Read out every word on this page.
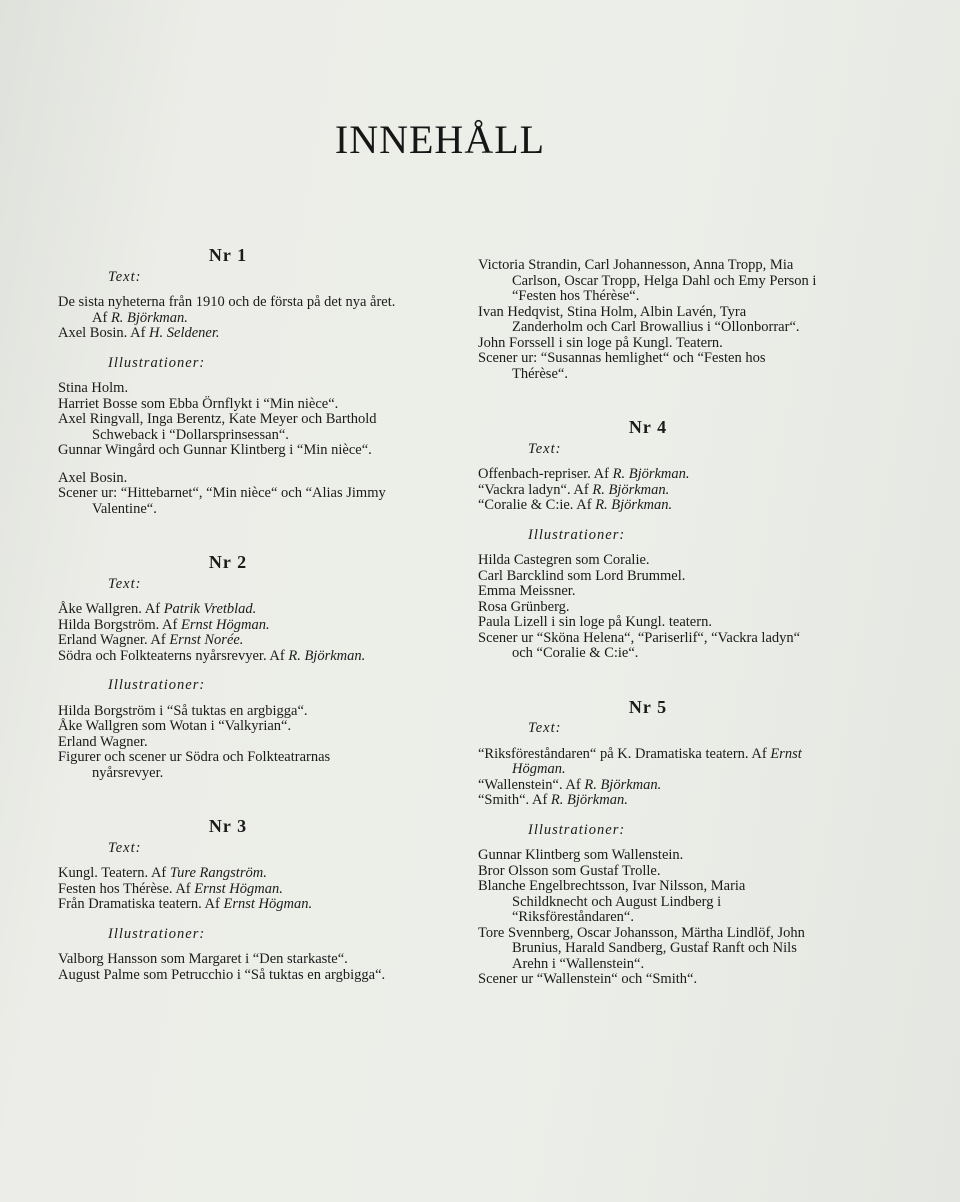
INNEHÅLL
Nr 1
Text:

De sista nyheterna från 1910 och de första på det nya året. Af R. Björkman.

Axel Bosin. Af H. Seldener.

Illustrationer:

Stina Holm.

Harriet Bosse som Ebba Örnflykt i “Min nièce“.

Axel Ringvall, Inga Berentz, Kate Meyer och Barthold Schweback i “Dollarsprinsessan“.

Gunnar Wingård och Gunnar Klintberg i “Min nièce“.

Axel Bosin.

Scener ur: “Hittebarnet“, “Min nièce“ och “Alias Jimmy Valentine“.

Nr 2
Text:

Åke Wallgren. Af Patrik Vretblad.

Hilda Borgström. Af Ernst Högman.

Erland Wagner. Af Ernst Norée.

Södra och Folkteaterns nyårsrevyer. Af R. Björkman.

Illustrationer:

Hilda Borgström i “Så tuktas en argbigga“.

Åke Wallgren som Wotan i “Valkyrian“.

Erland Wagner.

Figurer och scener ur Södra och Folkteatrarnas nyårsrevyer.

Nr 3
Text:

Kungl. Teatern. Af Ture Rangström.

Festen hos Thérèse. Af Ernst Högman.

Från Dramatiska teatern. Af Ernst Högman.

Illustrationer:

Valborg Hansson som Margaret i “Den starkaste“.

August Palme som Petrucchio i “Så tuktas en argbigga“.

Victoria Strandin, Carl Johannesson, Anna Tropp, Mia Carlson, Oscar Tropp, Helga Dahl och Emy Person i “Festen hos Thérèse“.

Ivan Hedqvist, Stina Holm, Albin Lavén, Tyra Zanderholm och Carl Browallius i “Ollonborrar“.

John Forssell i sin loge på Kungl. Teatern.

Scener ur: “Susannas hemlighet“ och “Festen hos Thérèse“.

Nr 4
Text:

Offenbach-repriser. Af R. Björkman.

“Vackra ladyn“. Af R. Björkman.

“Coralie & C:ie. Af R. Björkman.

Illustrationer:

Hilda Castegren som Coralie.

Carl Barcklind som Lord Brummel.

Emma Meissner.

Rosa Grünberg.

Paula Lizell i sin loge på Kungl. teatern.

Scener ur “Sköna Helena“, “Pariserlif“, “Vackra ladyn“ och “Coralie & C:ie“.

Nr 5
Text:

“Riksföreståndaren“ på K. Dramatiska teatern. Af Ernst Högman.

“Wallenstein“. Af R. Björkman.

“Smith“. Af R. Björkman.

Illustrationer:

Gunnar Klintberg som Wallenstein.

Bror Olsson som Gustaf Trolle.

Blanche Engelbrechtsson, Ivar Nilsson, Maria Schildknecht och August Lindberg i “Riksföreståndaren“.

Tore Svennberg, Oscar Johansson, Märtha Lindlöf, John Brunius, Harald Sandberg, Gustaf Ranft och Nils Arehn i “Wallenstein“.

Scener ur “Wallenstein“ och “Smith“.
